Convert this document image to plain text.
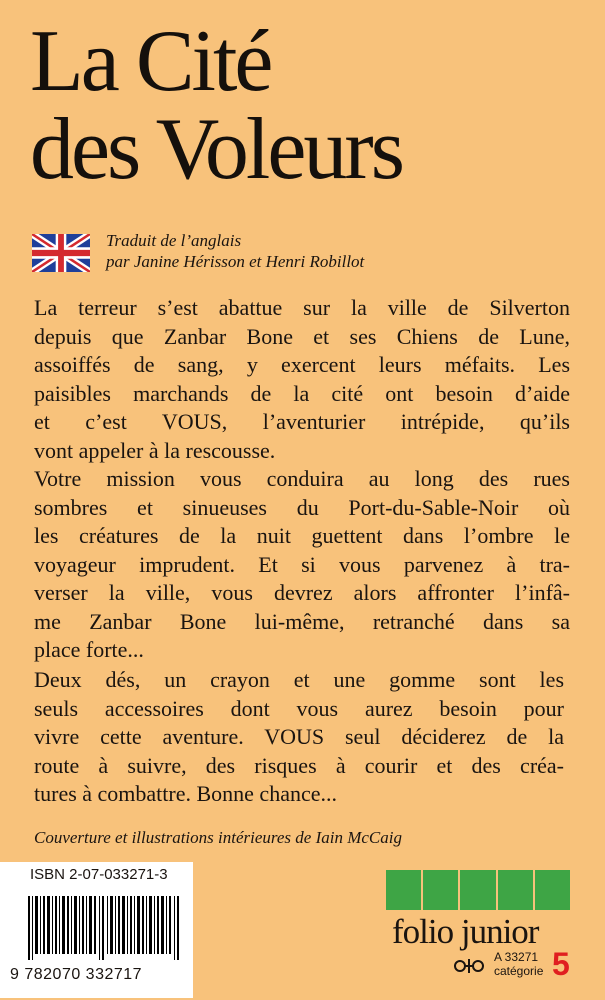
La Cité
des Voleurs
Traduit de l’anglais
par Janine Hérisson et Henri Robillot
La terreur s’est abattue sur la ville de Silverton
depuis que Zanbar Bone et ses Chiens de Lune,
assoiffés de sang, y exercent leurs méfaits. Les
paisibles marchands de la cité ont besoin d’aide
et c’est VOUS, l’aventurier intrépide, qu’ils
vont appeler à la rescousse.
Votre mission vous conduira au long des rues
sombres et sinueuses du Port-du-Sable-Noir où
les créatures de la nuit guettent dans l’ombre le
voyageur imprudent. Et si vous parvenez à tra-
verser la ville, vous devrez alors affronter l’infâ-
me Zanbar Bone lui-même, retranché dans sa
place forte...
Deux dés, un crayon et une gomme sont les
seuls accessoires dont vous aurez besoin pour
vivre cette aventure. VOUS seul déciderez de la
route à suivre, des risques à courir et des créa-
tures à combattre. Bonne chance...
Couverture et illustrations intérieures de Iain McCaig
ISBN 2-07-033271-3
9 782070 332717
folio junior
A 33271
catégorie 5
